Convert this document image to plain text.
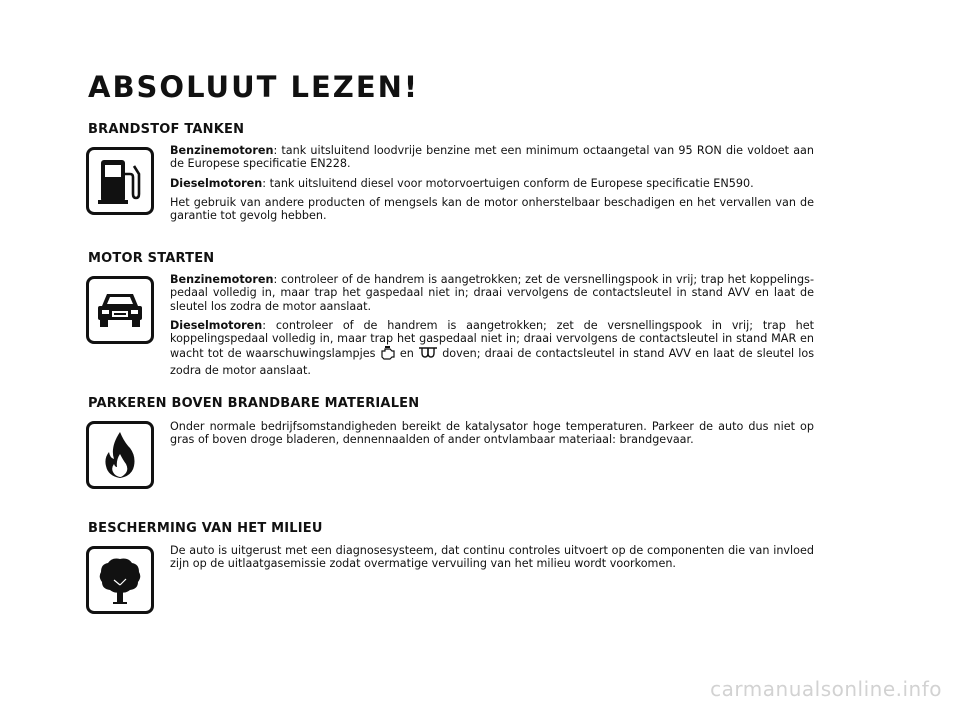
ABSOLUUT LEZEN!
BRANDSTOF TANKEN

Benzinemotoren: tank uitsluitend loodvrije benzine met een minimum octaangetal van 95 RON die voldoet aan de Europese specificatie EN228.

Dieselmotoren: tank uitsluitend diesel voor motorvoertuigen conform de Europese specificatie EN590.

Het gebruik van andere producten of mengsels kan de motor onherstelbaar beschadigen en het vervallen van de garantie tot gevolg hebben.

MOTOR STARTEN

Benzinemotoren: controleer of de handrem is aangetrokken; zet de versnellingspook in vrij; trap het koppelingspedaal volledig in, maar trap het gaspedaal niet in; draai vervolgens de contactsleutel in stand AVV en laat de sleutel los zodra de motor aanslaat.

Dieselmotoren: controleer of de handrem is aangetrokken; zet de versnellingspook in vrij; trap het koppelingspedaal volledig in, maar trap het gaspedaal niet in; draai vervolgens de contactsleutel in stand MAR en wacht tot de waarschuwingslampjes en	doven; draai de contactsleutel in stand AVV en laat de sleutel los zodra de motor aanslaat.

PARKEREN BOVEN BRANDBARE MATERIALEN

Onder normale bedrijfsomstandigheden bereikt de katalysator hoge temperaturen. Parkeer de auto dus niet op gras of boven droge bladeren, dennennaalden of ander ontvlambaar materiaal: brandgevaar.

BESCHERMING VAN HET MILIEU

De auto is uitgerust met een diagnosesysteem, dat continu controles uitvoert op de componenten die van invloed zijn op de uitlaatgasemissie zodat overmatige vervuiling van het milieu wordt voorkomen.

carmanualsonline.info
